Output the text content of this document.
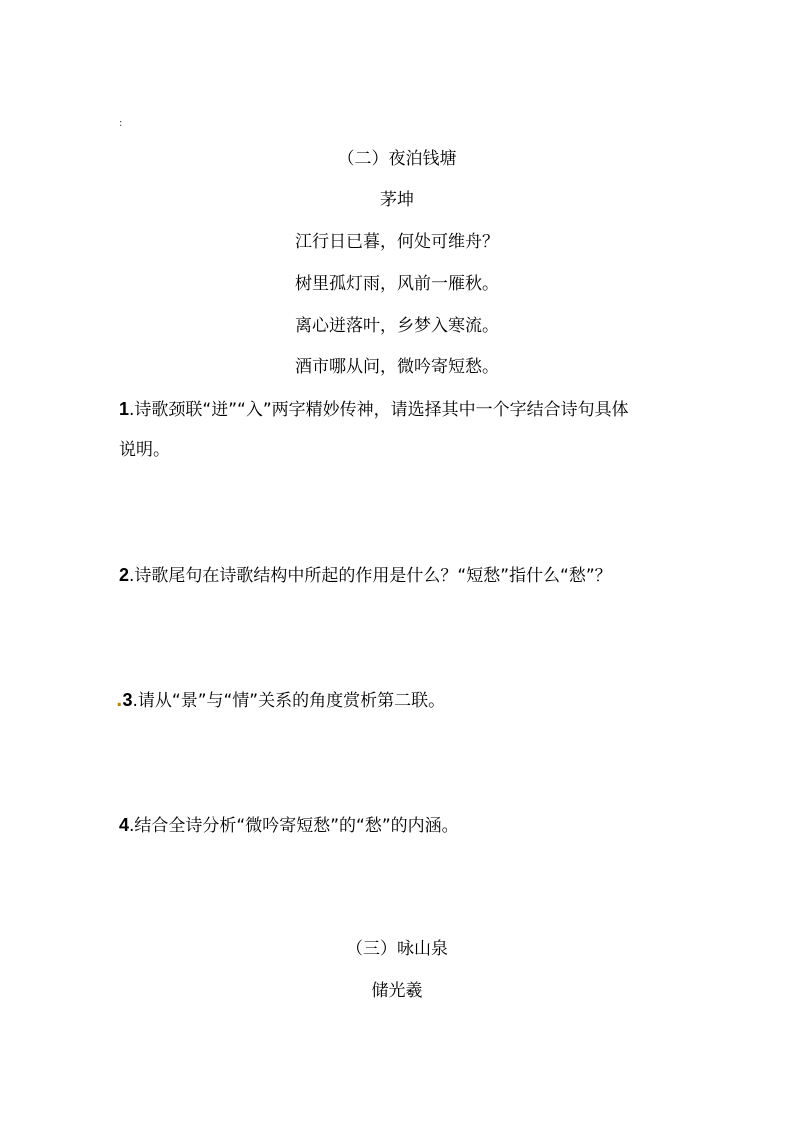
:
（二）夜泊钱塘
茅坤
江行日已暮，何处可维舟？
树里孤灯雨，风前一雁秋。
离心迸落叶，乡梦入寒流。
酒市哪从问，微吟寄短愁。
1.诗歌颈联“迸”“入”两字精妙传神，请选择其中一个字结合诗句具体
说明。
2.诗歌尾句在诗歌结构中所起的作用是什么？“短愁”指什么“愁”？
.3.请从“景”与“情”关系的角度赏析第二联。
4.结合全诗分析“微吟寄短愁”的“愁”的内涵。
（三）咏山泉
储光羲
